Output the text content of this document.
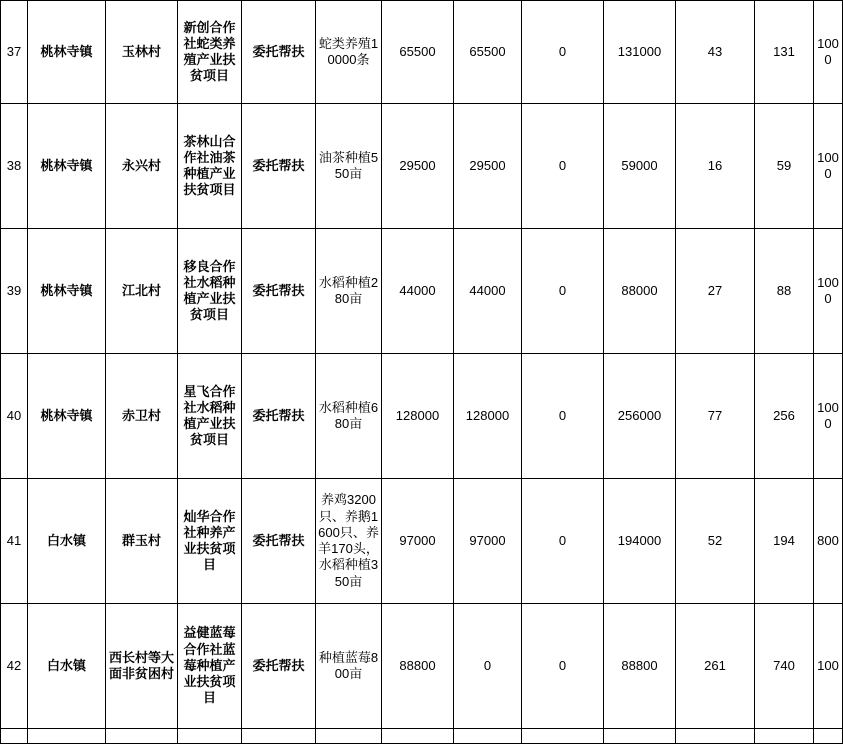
37	桃林寺镇	玉林村	新创合作社蛇类养殖产业扶贫项目	委托帮扶	蛇类养殖10000条	65500	65500	0	131000	43	131	1000

38	桃林寺镇	永兴村	茶林山合作社油茶种植产业扶贫项目	委托帮扶	油茶种植550亩	29500	29500	0	59000	16	59	1000

39	桃林寺镇	江北村	移良合作社水稻种植产业扶贫项目	委托帮扶	水稻种植280亩	44000	44000	0	88000	27	88	1000

40	桃林寺镇	赤卫村	星飞合作社水稻种植产业扶贫项目	委托帮扶	水稻种植680亩	128000	128000	0	256000	77	256	1000

41	白水镇	群玉村	灿华合作社种养产业扶贫项目	委托帮扶	养鸡3200只、养鹅1600只、养羊170头，水稻种植350亩	97000	97000	0	194000	52	194	800

42	白水镇	西长村等大面非贫困村	益健蓝莓合作社蓝莓种植产业扶贫项目	委托帮扶	种植蓝莓800亩	88800	0	0	88800	261	740	100
